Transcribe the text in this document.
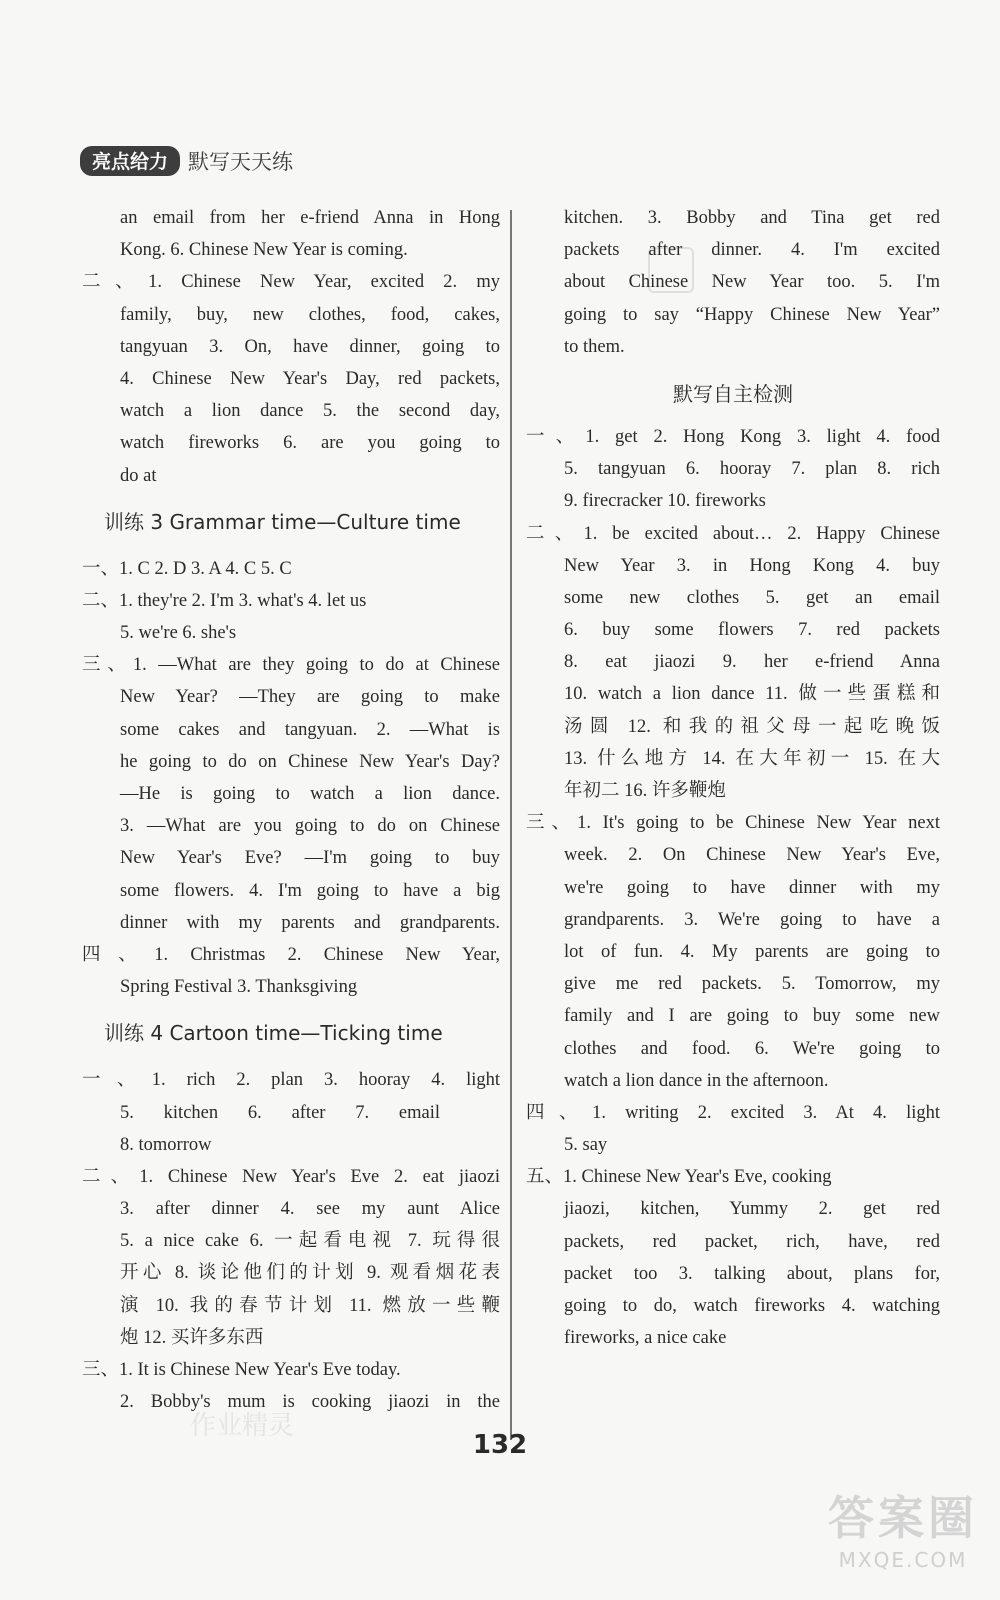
亮点给力 默写天天练
an email from her e-friend Anna in Hong
Kong. 6. Chinese New Year is coming.
二、1. Chinese New Year, excited 2. my
family, buy, new clothes, food, cakes,
tangyuan 3. On, have dinner, going to
4. Chinese New Year's Day, red packets,
watch a lion dance 5. the second day,
watch fireworks 6. are you going to
do at
训练 3 Grammar time—Culture time
一、1. C 2. D 3. A 4. C 5. C
二、1. they're 2. I'm 3. what's 4. let us
5. we're 6. she's
三、1. —What are they going to do at Chinese
New Year? —They are going to make
some cakes and tangyuan. 2. —What is
he going to do on Chinese New Year's Day?
—He is going to watch a lion dance.
3. —What are you going to do on Chinese
New Year's Eve? —I'm going to buy
some flowers. 4. I'm going to have a big
dinner with my parents and grandparents.
四、1. Christmas 2. Chinese New Year,
Spring Festival 3. Thanksgiving
训练 4 Cartoon time—Ticking time
一、1. rich 2. plan 3. hooray 4. light
5. kitchen 6. after 7. email
8. tomorrow
二、1. Chinese New Year's Eve 2. eat jiaozi
3. after dinner 4. see my aunt Alice
5. a nice cake 6. 一起看电视 7. 玩得很
开心 8. 谈论他们的计划 9. 观看烟花表
演 10. 我的春节计划 11. 燃放一些鞭
炮 12. 买许多东西
三、1. It is Chinese New Year's Eve today.
2. Bobby's mum is cooking jiaozi in the
kitchen. 3. Bobby and Tina get red
packets after dinner. 4. I'm excited
about Chinese New Year too. 5. I'm
going to say “Happy Chinese New Year”
to them.
默写自主检测
一、1. get 2. Hong Kong 3. light 4. food
5. tangyuan 6. hooray 7. plan 8. rich
9. firecracker 10. fireworks
二、1. be excited about… 2. Happy Chinese
New Year 3. in Hong Kong 4. buy
some new clothes 5. get an email
6. buy some flowers 7. red packets
8. eat jiaozi 9. her e-friend Anna
10. watch a lion dance 11. 做一些蛋糕和
汤圆 12. 和我的祖父母一起吃晚饭
13. 什么地方 14. 在大年初一 15. 在大
年初二 16. 许多鞭炮
三、1. It's going to be Chinese New Year next
week. 2. On Chinese New Year's Eve,
we're going to have dinner with my
grandparents. 3. We're going to have a
lot of fun. 4. My parents are going to
give me red packets. 5. Tomorrow, my
family and I are going to buy some new
clothes and food. 6. We're going to
watch a lion dance in the afternoon.
四、1. writing 2. excited 3. At 4. light
5. say
五、1. Chinese New Year's Eve, cooking
jiaozi, kitchen, Yummy 2. get red
packets, red packet, rich, have, red
packet too 3. talking about, plans for,
going to do, watch fireworks 4. watching
fireworks, a nice cake
132
作业精灵
答案圈
MXQE.COM
